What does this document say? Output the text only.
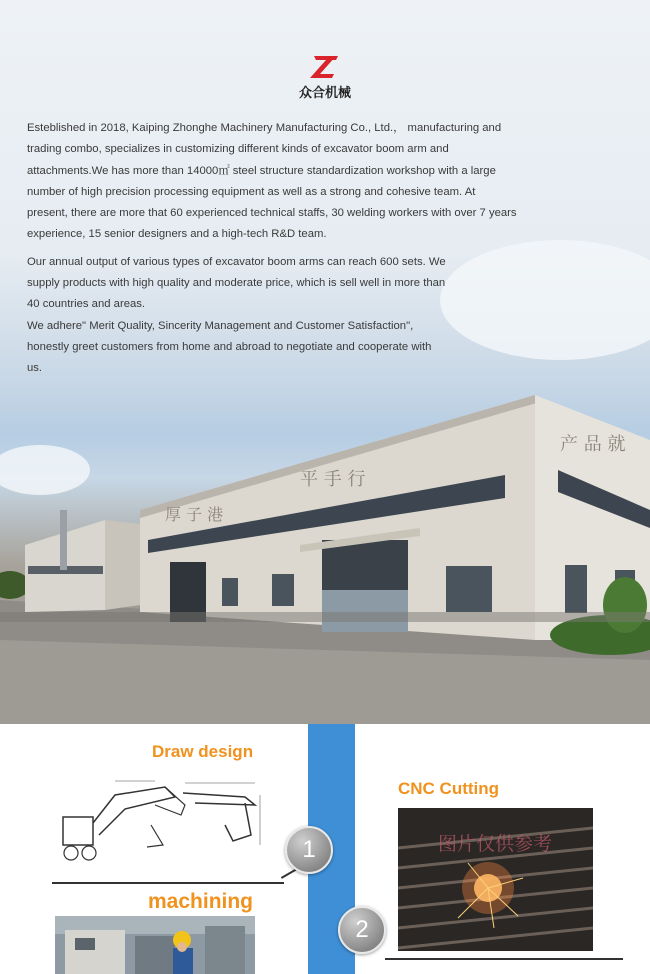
厚 子 港
平 手 行
产 品 就
众合机械

Esteblished in 2018, Kaiping Zhonghe Machinery Manufacturing Co., Ltd.， manufacturing and trading combo, specializes in customizing different kinds of excavator boom arm and attachments.We has more than 14000㎡ steel structure standardization workshop with a large number of high precision processing equipment as well as a strong and cohesive team. At present, there are more that 60 experienced technical staffs, 30 welding workers with over 7 years experience, 15 senior designers and a high-tech R&D team.

Our annual output of various types of excavator boom arms can reach 600 sets. We supply products with high quality and moderate price, which is sell well in more than 40 countries and areas.

We adhere" Merit Quality, Sincerity Management and Customer Satisfaction", honestly greet customers from home and abroad to negotiate and cooperate with us.

Draw design
1
CNC Cutting
图片仅供参考
2
machining
